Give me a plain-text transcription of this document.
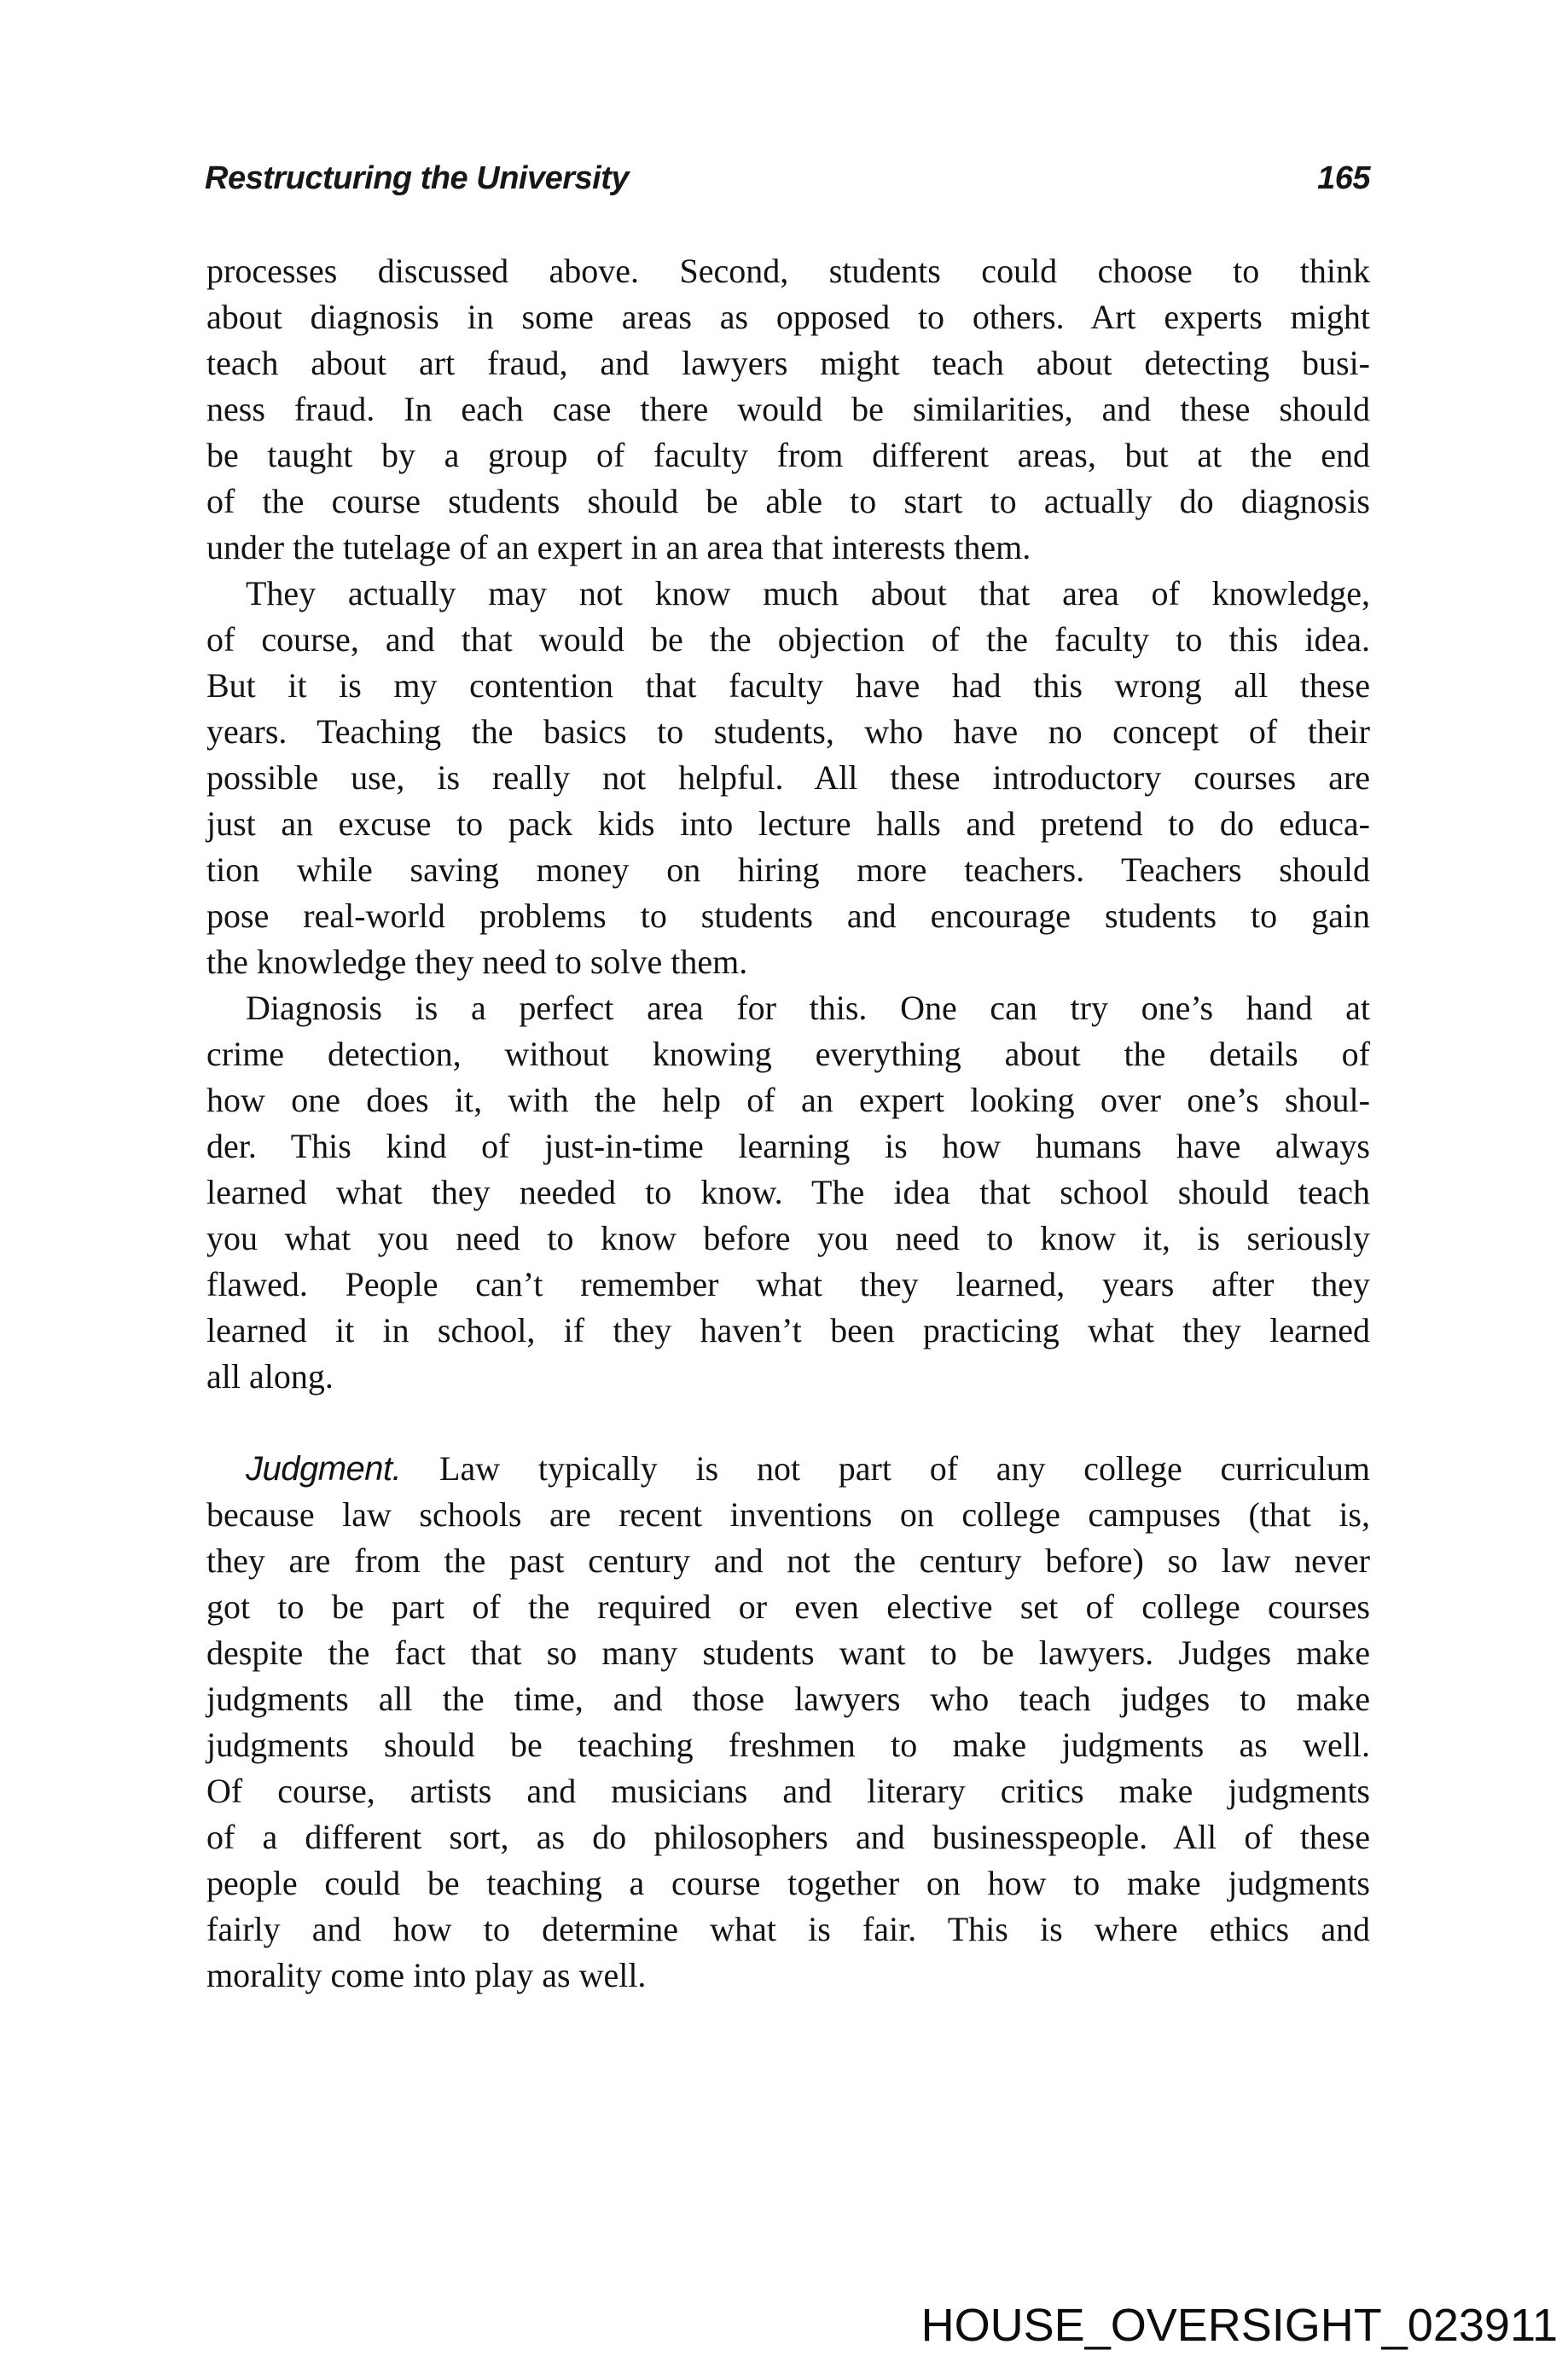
Restructuring the University	165
processes discussed above. Second, students could choose to think
about diagnosis in some areas as opposed to others. Art experts might
teach about art fraud, and lawyers might teach about detecting busi-
ness fraud. In each case there would be similarities, and these should
be taught by a group of faculty from different areas, but at the end
of the course students should be able to start to actually do diagnosis
under the tutelage of an expert in an area that interests them.
They actually may not know much about that area of knowledge,
of course, and that would be the objection of the faculty to this idea.
But it is my contention that faculty have had this wrong all these
years. Teaching the basics to students, who have no concept of their
possible use, is really not helpful. All these introductory courses are
just an excuse to pack kids into lecture halls and pretend to do educa-
tion while saving money on hiring more teachers. Teachers should
pose real-world problems to students and encourage students to gain
the knowledge they need to solve them.
Diagnosis is a perfect area for this. One can try one’s hand at
crime detection, without knowing everything about the details of
how one does it, with the help of an expert looking over one’s shoul-
der. This kind of just-in-time learning is how humans have always
learned what they needed to know. The idea that school should teach
you what you need to know before you need to know it, is seriously
flawed. People can’t remember what they learned, years after they
learned it in school, if they haven’t been practicing what they learned
all along.
Judgment. Law typically is not part of any college curriculum
because law schools are recent inventions on college campuses (that is,
they are from the past century and not the century before) so law never
got to be part of the required or even elective set of college courses
despite the fact that so many students want to be lawyers. Judges make
judgments all the time, and those lawyers who teach judges to make
judgments should be teaching freshmen to make judgments as well.
Of course, artists and musicians and literary critics make judgments
of a different sort, as do philosophers and businesspeople. All of these
people could be teaching a course together on how to make judgments
fairly and how to determine what is fair. This is where ethics and
morality come into play as well.
HOUSE_OVERSIGHT_023911
